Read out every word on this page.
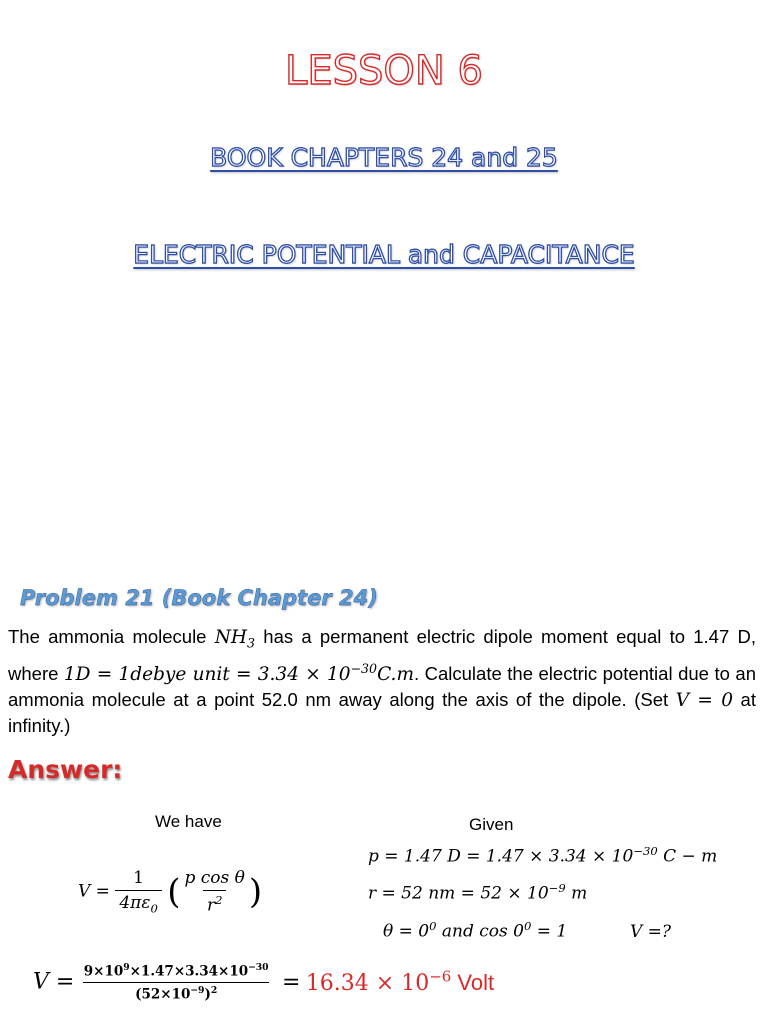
LESSON 6
BOOK CHAPTERS 24 and 25
ELECTRIC POTENTIAL and CAPACITANCE
Problem 21 (Book Chapter 24)
The ammonia molecule $NH_3$ has a permanent electric dipole moment equal to 1.47 D, where 1D = 1debye unit = $3.34 \times 10^{-30}C.m$. Calculate the electric potential due to an ammonia molecule at a point 52.0 nm away along the axis of the dipole. (Set V = 0 at infinity.)
Answer:
We have	Given
p = 1.47 $D = 1.47 \times 3.34 \times 10^{-30}$ C − m
r = 52 nm = $52 \times 10^{-9}$ m
$\theta = 0^0$ and $\cos 0^0 = 1$	V =?
$V = \frac{1}{4\pi\varepsilon_0}$ ( $\frac{\text{p cos θ}}{r^2}$ )
$V = \frac{9\times 10^9\times 1.47\times 3.34\times 10^{-30}}{(52\times 10^{-9})^2} = 16.34 \times 10^{-6}$ Volt
